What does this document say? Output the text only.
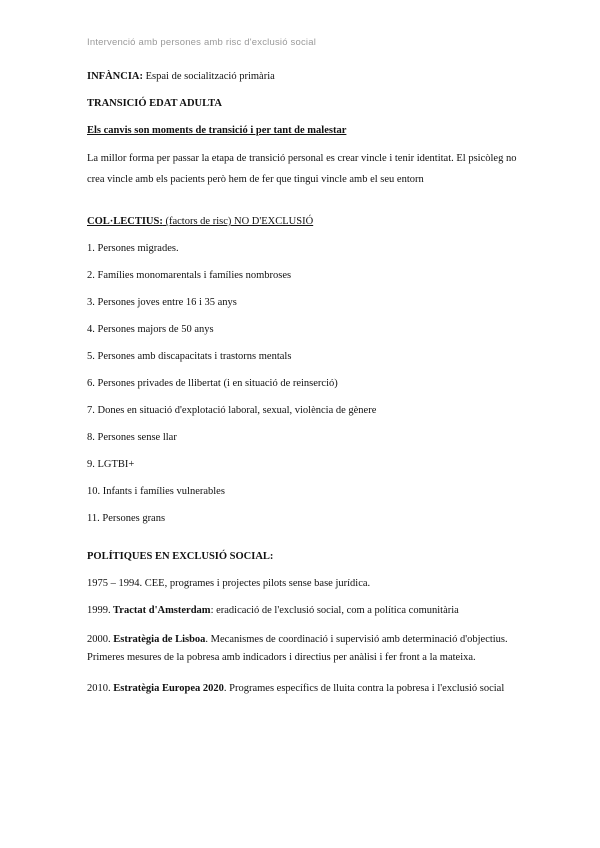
Intervenció amb persones amb risc d'exclusió social

INFÀNCIA: Espai de socialització primària

TRANSICIÓ EDAT ADULTA

Els canvis son moments de transició i per tant de malestar

La millor forma per passar la etapa de transició personal es crear vincle i tenir identitat. El psicòleg no crea vincle amb els pacients però hem de fer que tingui vincle amb el seu entorn

COL·LECTIUS: (factors de risc) NO D'EXCLUSIÓ

1. Persones migrades.

2. Famílies monomarentals i famílies nombroses

3. Persones joves entre 16 i 35 anys

4. Persones majors de 50 anys

5. Persones amb discapacitats i trastorns mentals

6. Persones privades de llibertat (i en situació de reinserció)

7. Dones en situació d'explotació laboral, sexual, violència de gènere

8. Persones sense llar

9. LGTBI+

10. Infants i famílies vulnerables

11. Persones grans

POLÍTIQUES EN EXCLUSIÓ SOCIAL:

1975 – 1994. CEE, programes i projectes pilots sense base jurídica.

1999. Tractat d'Amsterdam: eradicació de l'exclusió social, com a política comunitària

2000. Estratègia de Lisboa. Mecanismes de coordinació i supervisió amb determinació d'objectius. Primeres mesures de la pobresa amb indicadors i directius per anàlisi i fer front a la mateixa.

2010. Estratègia Europea 2020. Programes específics de lluita contra la pobresa i l'exclusió social
